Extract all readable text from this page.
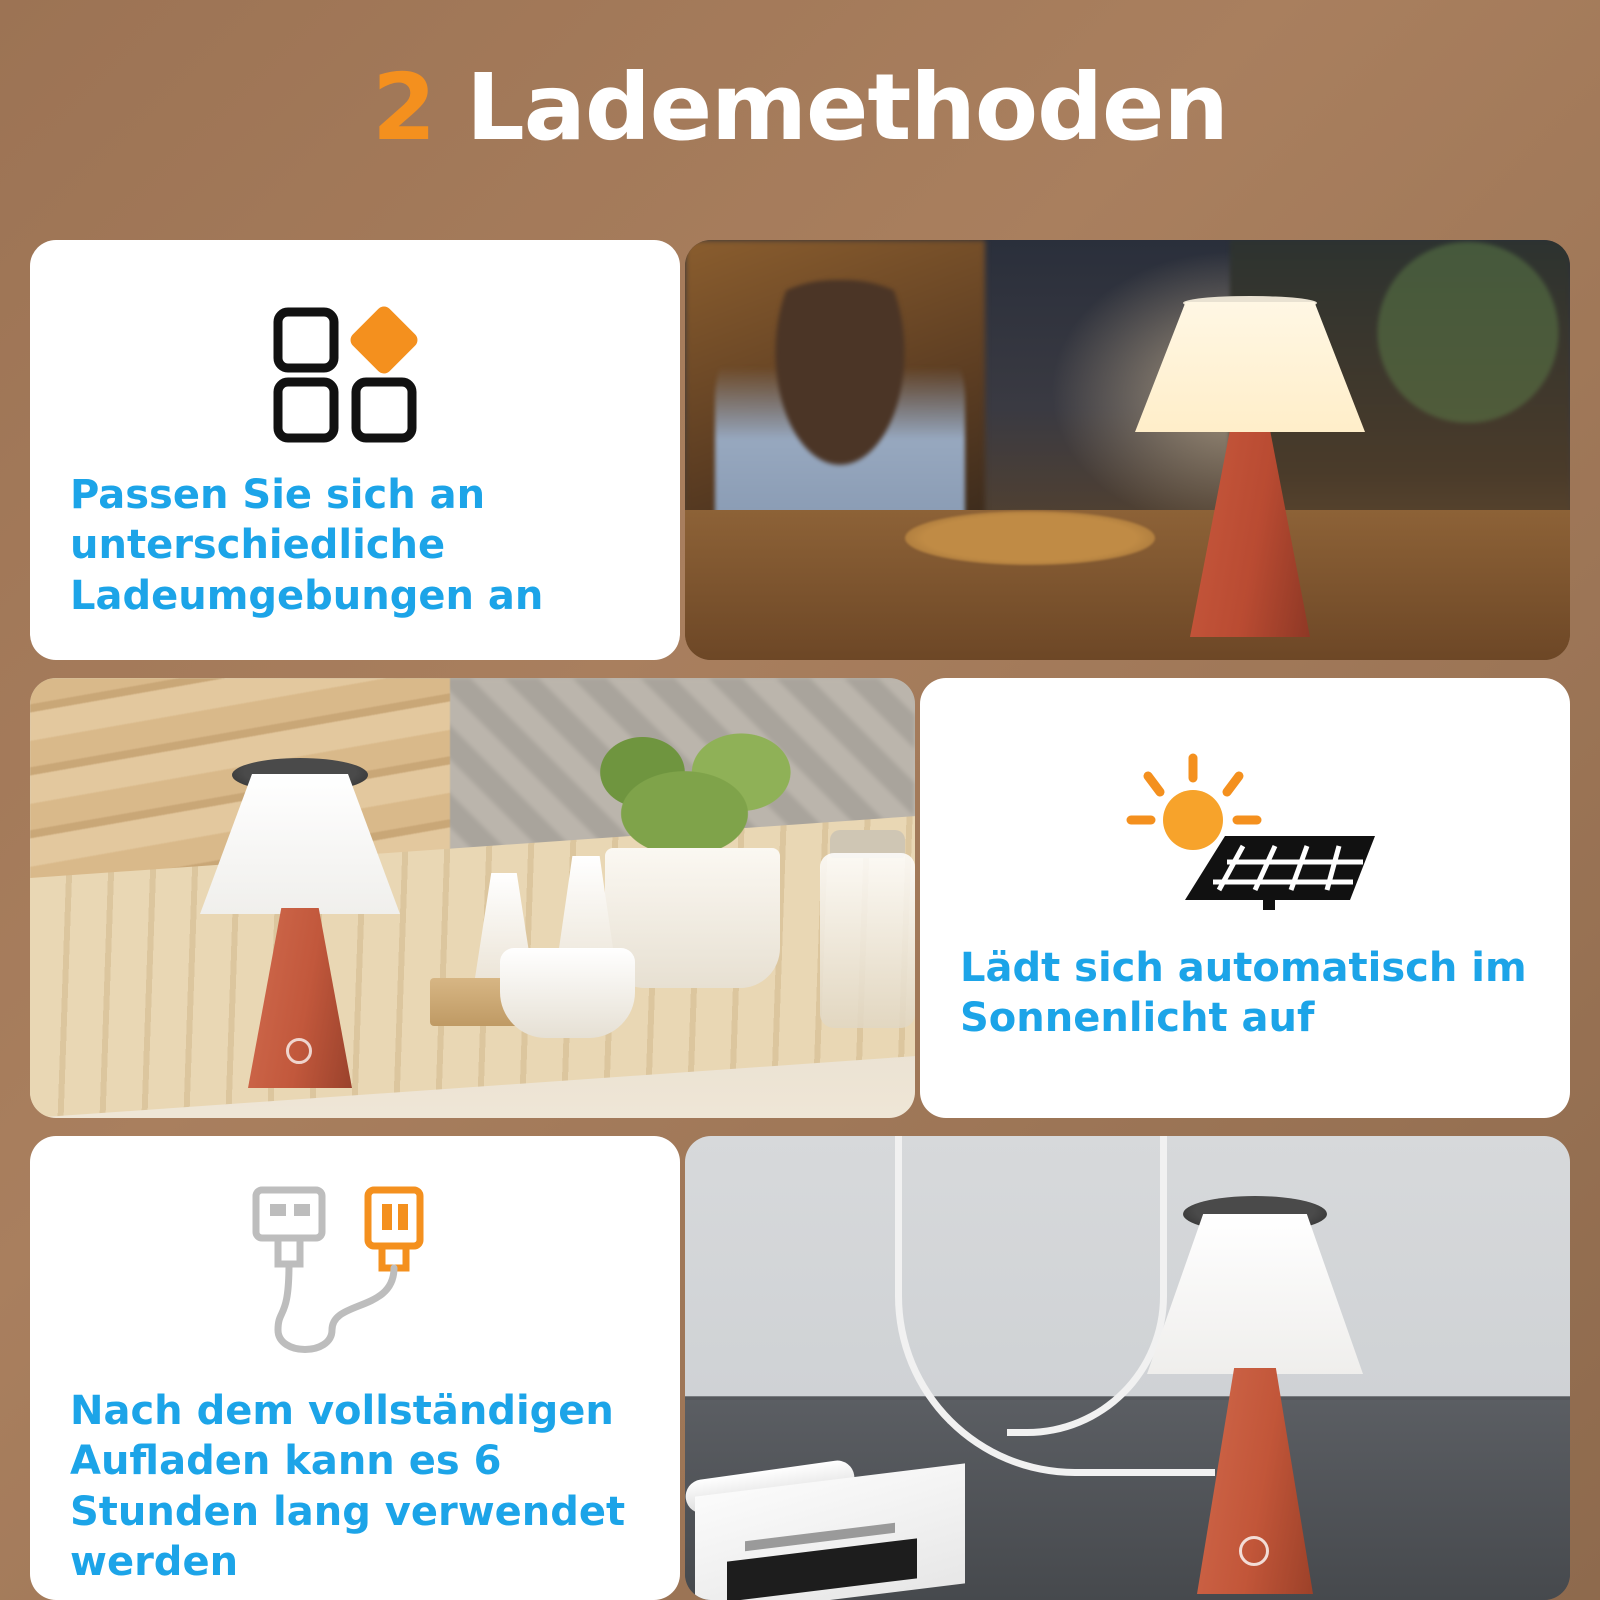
2 Lademethoden
Passen Sie sich an unterschiedliche Ladeumgebungen an
Lädt sich automatisch im Sonnenlicht auf
Nach dem vollständigen Aufladen kann es 6 Stunden lang verwendet werden
